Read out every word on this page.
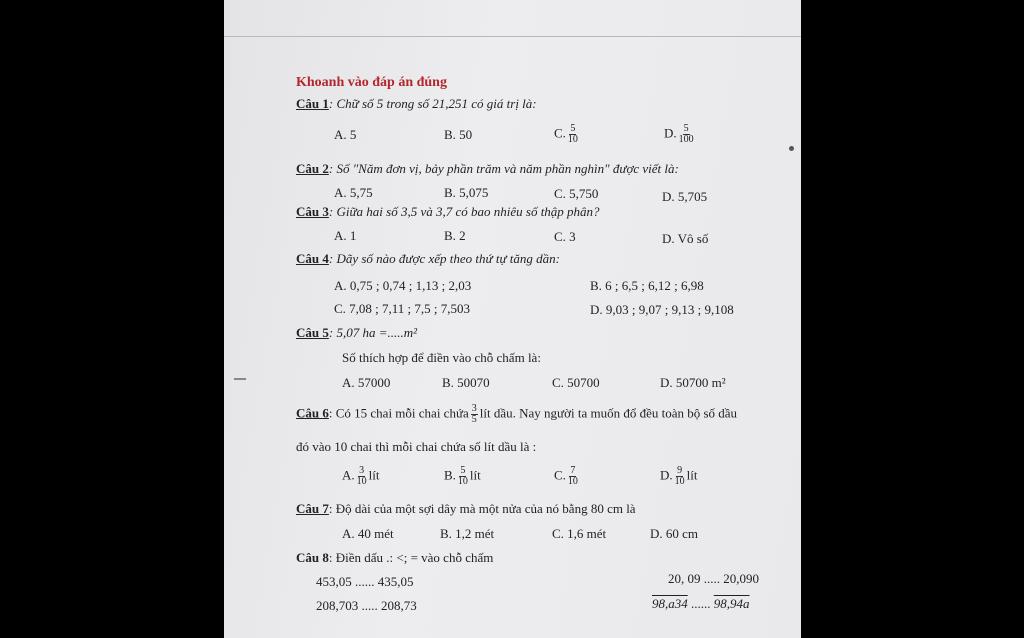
Khoanh vào đáp án đúng
Câu 1: Chữ số 5 trong số 21,251 có giá trị là:
A. 5	B. 50	C. $\frac{5}{10}$	D. $\frac{5}{100}$
Câu 2: Số "Năm đơn vị, bảy phần trăm và năm phần nghìn" được viết là:
A. 5,75	B. 5,075	C. 5,750	D. 5,705
Câu 3: Giữa hai số 3,5 và 3,7 có bao nhiêu số thập phân?
A. 1	B. 2	C. 3	D. Vô số
Câu 4: Dãy số nào được xếp theo thứ tự tăng dần:
A. 0,75 ; 0,74 ; 1,13 ; 2,03	B. 6 ; 6,5 ; 6,12 ; 6,98
C. 7,08 ; 7,11 ; 7,5 ; 7,503	D. 9,03 ; 9,07 ; 9,13 ; 9,108
Câu 5: 5,07 ha =.....m²
Số thích hợp để điền vào chỗ chấm là:
A. 57000	B. 50070	C. 50700	D. 50700 m²
Câu 6: Có 15 chai mỗi chai chứa $\frac{3}{5}$ lít dầu. Nay người ta muốn đổ đều toàn bộ số dầu
đó vào 10 chai thì mỗi chai chứa số lít dầu là :
A. $\frac{3}{10}$ lít	B. $\frac{5}{10}$ lít	C. $\frac{7}{10}$	D. $\frac{9}{10}$ lít
Câu 7: Độ dài của một sợi dây mà một nửa của nó bằng 80 cm là
A. 40 mét	B. 1,2 mét	C. 1,6 mét	D. 60 cm
Câu 8: Điền dấu .: <; = vào chỗ chấm
453,05 ...... 435,05	20, 09 ..... 20,090
208,703 ..... 208,73	98,a34 ...... 98,94a
